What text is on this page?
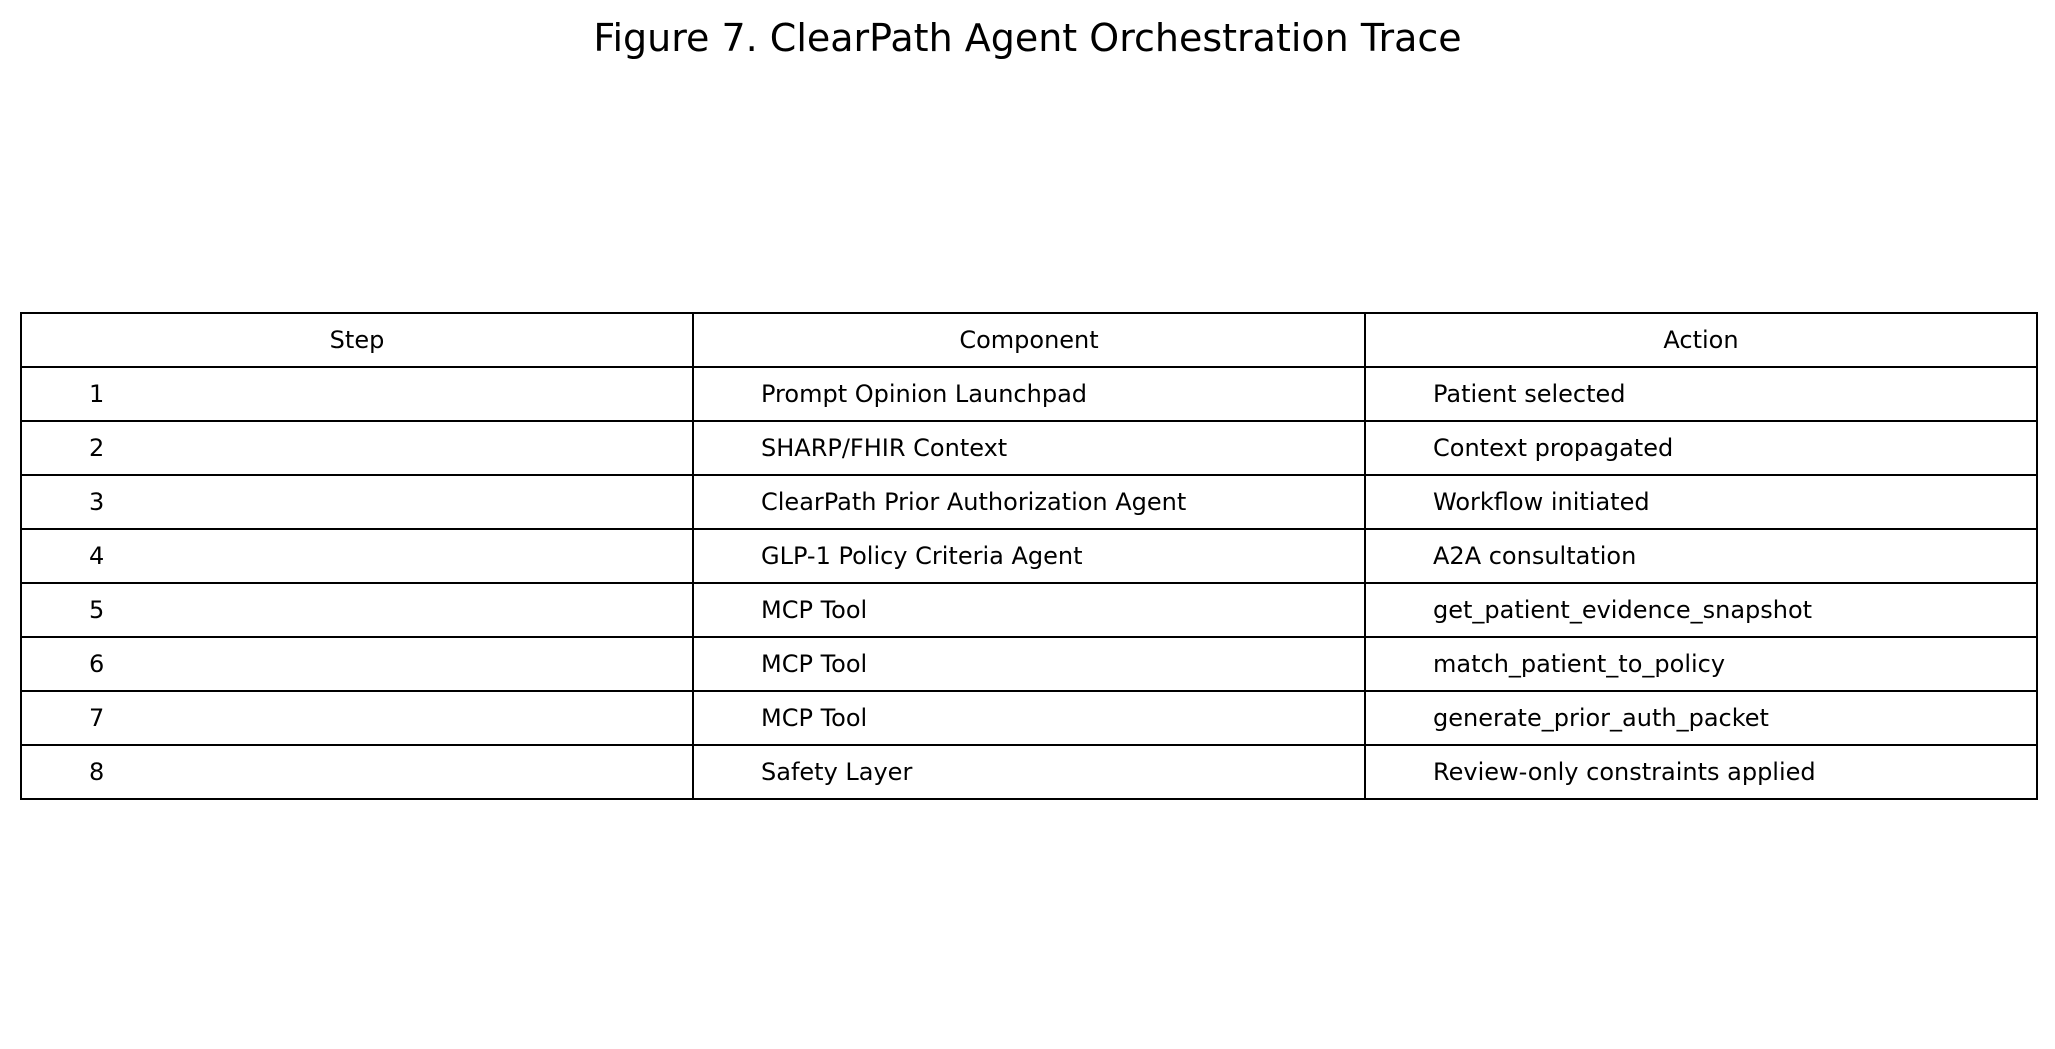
Figure 7. ClearPath Agent Orchestration Trace
Step	Component	Action
1	Prompt Opinion Launchpad	Patient selected
2	SHARP/FHIR Context	Context propagated
3	ClearPath Prior Authorization Agent	Workflow initiated
4	GLP-1 Policy Criteria Agent	A2A consultation
5	MCP Tool	get_patient_evidence_snapshot
6	MCP Tool	match_patient_to_policy
7	MCP Tool	generate_prior_auth_packet
8	Safety Layer	Review-only constraints applied
